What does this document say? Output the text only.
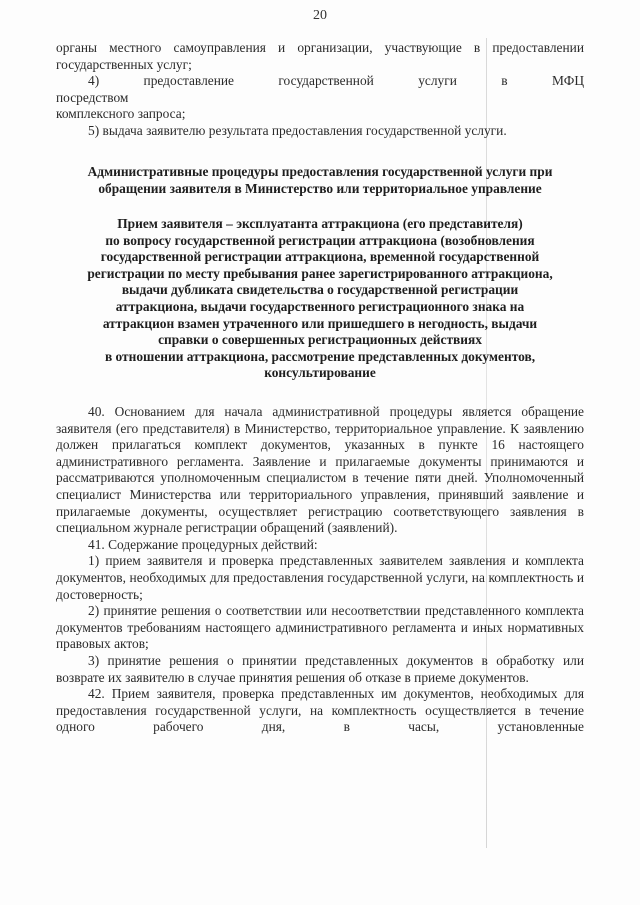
20

органы местного самоуправления и организации, участвующие в предоставлении

государственных услуг;

4) предоставление государственной услуги в МФЦ посредством

комплексного запроса;

5) выдача заявителю результата предоставления государственной услуги.

Административные процедуры предоставления государственной услуги при

обращении заявителя в Министерство или территориальное управление

Прием заявителя – эксплуатанта аттракциона (его представителя)

по вопросу государственной регистрации аттракциона (возобновления

государственной регистрации аттракциона, временной государственной

регистрации по месту пребывания ранее зарегистрированного аттракциона,

выдачи дубликата свидетельства о государственной регистрации

аттракциона, выдачи государственного регистрационного знака на

аттракцион взамен утраченного или пришедшего в негодность, выдачи

справки о совершенных регистрационных действиях

в отношении аттракциона, рассмотрение представленных документов,

консультирование

40. Основанием для начала административной процедуры является обращение заявителя (его представителя) в Министерство, территориальное управление. К заявлению должен прилагаться комплект документов, указанных в пункте 16 настоящего административного регламента. Заявление и прилагаемые документы принимаются и рассматриваются уполномоченным специалистом в течение пяти дней. Уполномоченный специалист Министерства или территориального управления, принявший заявление и прилагаемые документы, осуществляет регистрацию соответствующего заявления в специальном журнале регистрации обращений (заявлений).

41. Содержание процедурных действий:

1) прием заявителя и проверка представленных заявителем заявления и комплекта документов, необходимых для предоставления государственной услуги, на комплектность и достоверность;

2) принятие решения о соответствии или несоответствии представленного комплекта документов требованиям настоящего административного регламента и иных нормативных правовых актов;

3) принятие решения о принятии представленных документов в обработку или возврате их заявителю в случае принятия решения об отказе в приеме документов.

42. Прием заявителя, проверка представленных им документов, необходимых для предоставления государственной услуги, на комплектность осуществляется в течение одного рабочего дня, в часы, установленные
